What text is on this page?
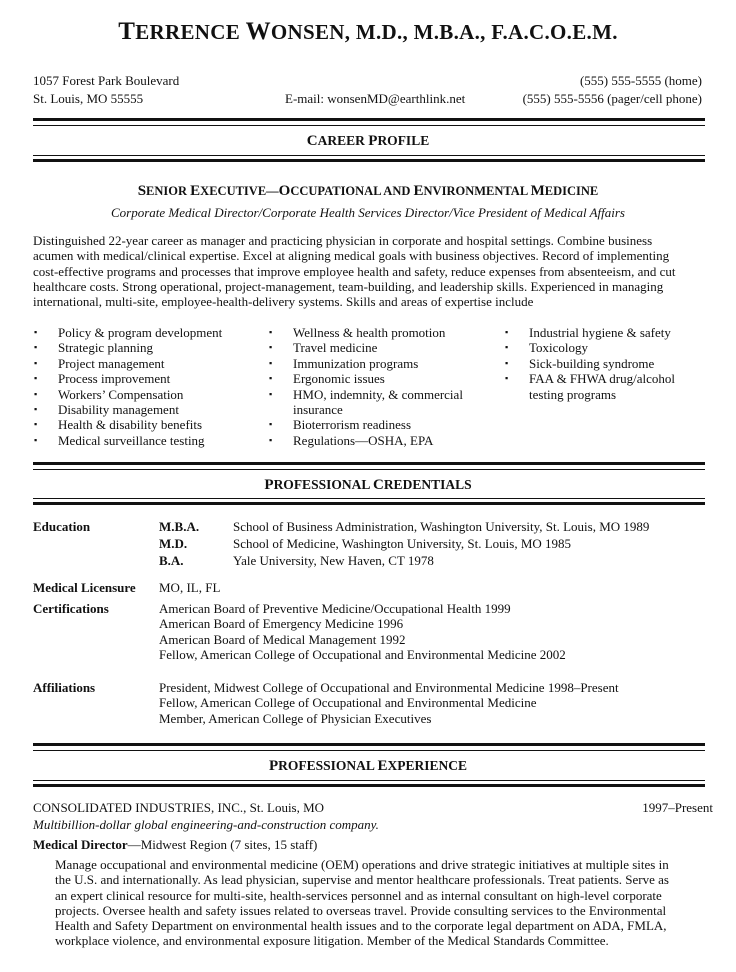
TERRENCE WONSEN, M.D., M.B.A., F.A.C.O.E.M.
1057 Forest Park Boulevard
St. Louis, MO 55555	E-mail: wonsenMD@earthlink.net
(555) 555-5555 (home)
(555) 555-5556 (pager/cell phone)
CAREER PROFILE
SENIOR EXECUTIVE—OCCUPATIONAL AND ENVIRONMENTAL MEDICINE
Corporate Medical Director/Corporate Health Services Director/Vice President of Medical Affairs
Distinguished 22-year career as manager and practicing physician in corporate and hospital settings. Combine business
acumen with medical/clinical expertise. Excel at aligning medical goals with business objectives. Record of implementing
cost-effective programs and processes that improve employee health and safety, reduce expenses from absenteeism, and cut
healthcare costs. Strong operational, project-management, team-building, and leadership skills. Experienced in managing
international, multi-site, employee-health-delivery systems. Skills and areas of expertise include
▪ Policy & program development
▪ Strategic planning
▪ Project management
▪ Process improvement
▪ Workers’ Compensation
▪ Disability management
▪ Health & disability benefits
▪ Medical surveillance testing
▪ Wellness & health promotion
▪ Travel medicine
▪ Immunization programs
▪ Ergonomic issues
▪ HMO, indemnity, & commercial
insurance
▪ Bioterrorism readiness
▪ Regulations—OSHA, EPA
▪ Industrial hygiene & safety
▪ Toxicology
▪ Sick-building syndrome
▪ FAA & FHWA drug/alcohol
testing programs
PROFESSIONAL CREDENTIALS
Education	M.B.A.	School of Business Administration, Washington University, St. Louis, MO 1989
M.D.	School of Medicine, Washington University, St. Louis, MO 1985
B.A.	Yale University, New Haven, CT 1978
Medical Licensure MO, IL, FL
Certifications	American Board of Preventive Medicine/Occupational Health 1999
American Board of Emergency Medicine 1996
American Board of Medical Management 1992
Fellow, American College of Occupational and Environmental Medicine 2002
Affiliations	President, Midwest College of Occupational and Environmental Medicine 1998–Present
Fellow, American College of Occupational and Environmental Medicine
Member, American College of Physician Executives
PROFESSIONAL EXPERIENCE
CONSOLIDATED INDUSTRIES, INC., St. Louis, MO	1997–Present
Multibillion-dollar global engineering-and-construction company.
Medical Director—Midwest Region (7 sites, 15 staff)
Manage occupational and environmental medicine (OEM) operations and drive strategic initiatives at multiple sites in
the U.S. and internationally. As lead physician, supervise and mentor healthcare professionals. Treat patients. Serve as
an expert clinical resource for multi-site, health-services personnel and as internal consultant on high-level corporate
projects. Oversee health and safety issues related to overseas travel. Provide consulting services to the Environmental
Health and Safety Department on environmental health issues and to the corporate legal department on ADA, FMLA,
workplace violence, and environmental exposure litigation. Member of the Medical Standards Committee.
